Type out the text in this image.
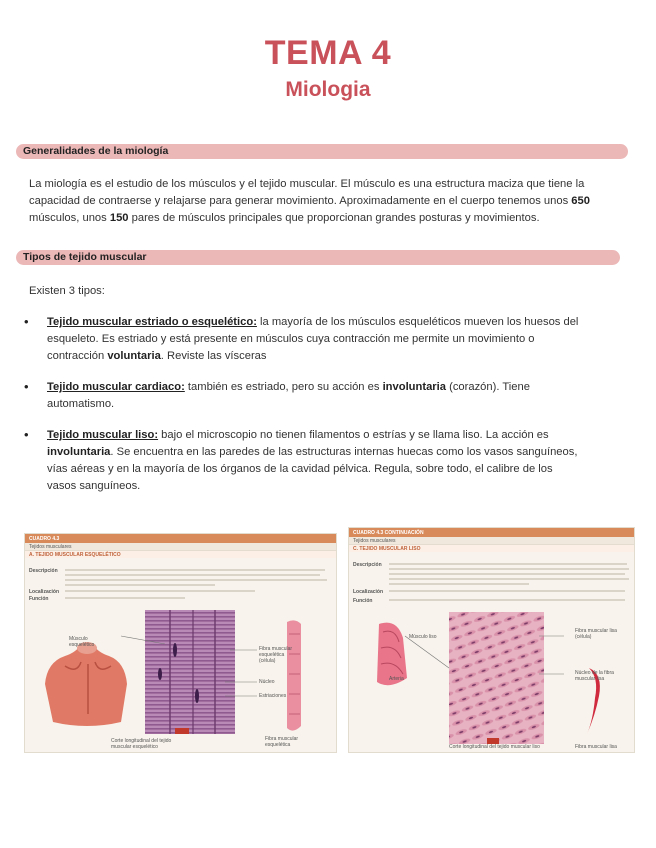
TEMA 4
Miologia
Generalidades de la miología
La miología es el estudio de los músculos y el tejido muscular. El músculo es una estructura maciza que tiene la
capacidad de contraerse y relajarse para generar movimiento. Aproximadamente en el cuerpo tenemos unos 650
músculos, unos 150 pares de músculos principales que proporcionan grandes posturas y movimientos.
Tipos de tejido muscular
Existen 3 tipos:
• Tejido muscular estriado o esquelético: la mayoría de los músculos esqueléticos mueven los huesos del
esqueleto. Es estriado y está presente en músculos cuya contracción me permite un movimiento o
contracción voluntaria. Reviste las vísceras
• Tejido muscular cardiaco: también es estriado, pero su acción es involuntaria (corazón). Tiene
automatismo.
• Tejido muscular liso: bajo el microscopio no tienen filamentos o estrías y se llama liso. La acción es
involuntaria. Se encuentra en las paredes de las estructuras internas huecas como los vasos sanguíneos,
vías aéreas y en la mayoría de los órganos de la cavidad pélvica. Regula, sobre todo, el calibre de los
vasos sanguíneos.
CUADRO 4.3
Tejidos musculares
A. TEJIDO MUSCULAR ESQUELÉTICO
Descripción
Localización
Función
Músculo esquelético
Fibra muscular esquelética (célula)
Núcleo
Estriaciones
Corte longitudinal del tejido muscular esquelético
Fibra muscular esquelética
CUADRO 4.3 CONTINUACIÓN
Tejidos musculares
C. TEJIDO MUSCULAR LISO
Descripción
Localización
Función
Músculo liso
Fibra muscular lisa (célula)
Núcleo de la fibra muscular lisa
Arteria
Corte longitudinal del tejido muscular liso	Fibra muscular lisa
